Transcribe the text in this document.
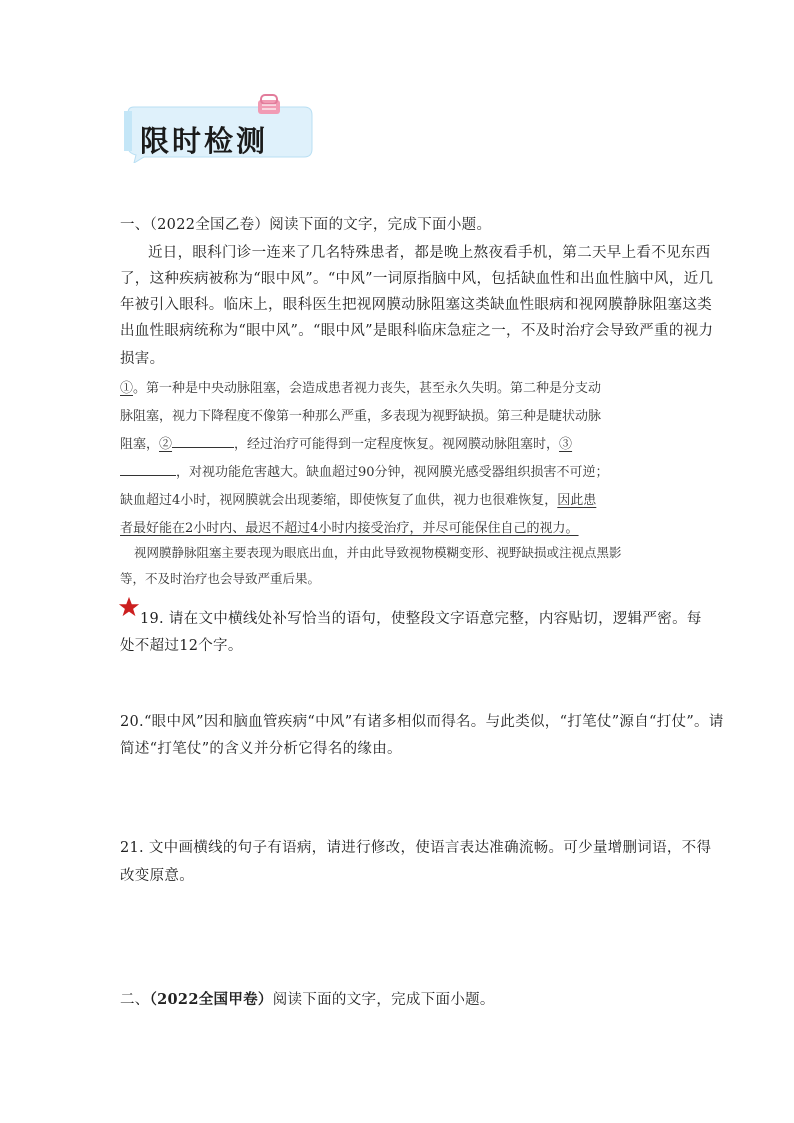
限时检测
一、（2022全国乙卷）阅读下面的文字，完成下面小题。
近日，眼科门诊一连来了几名特殊患者，都是晚上熬夜看手机，第二天早上看不见东西
了，这种疾病被称为“眼中风”。“中风”一词原指脑中风，包括缺血性和出血性脑中风，近几
年被引入眼科。临床上，眼科医生把视网膜动脉阻塞这类缺血性眼病和视网膜静脉阻塞这类
出血性眼病统称为“眼中风”。“眼中风”是眼科临床急症之一，不及时治疗会导致严重的视力
损害。
①。第一种是中央动脉阻塞，会造成患者视力丧失，甚至永久失明。第二种是分支动
脉阻塞，视力下降程度不像第一种那么严重，多表现为视野缺损。第三种是睫状动脉
阻塞，②	，经过治疗可能得到一定程度恢复。视网膜动脉阻塞时，③
，对视功能危害越大。缺血超过90分钟，视网膜光感受器组织损害不可逆；
缺血超过4小时，视网膜就会出现萎缩，即使恢复了血供，视力也很难恢复，因此患
者最好能在2小时内、最迟不超过4小时内接受治疗，并尽可能保住自己的视力。
视网膜静脉阻塞主要表现为眼底出血，并由此导致视物模糊变形、视野缺损或注视点黑影
等，不及时治疗也会导致严重后果。
19. 请在文中横线处补写恰当的语句，使整段文字语意完整，内容贴切，逻辑严密。每
处不超过12个字。
20.“眼中风”因和脑血管疾病“中风”有诸多相似而得名。与此类似，“打笔仗”源自“打仗”。请
简述“打笔仗”的含义并分析它得名的缘由。
21. 文中画横线的句子有语病，请进行修改，使语言表达准确流畅。可少量增删词语，不得
改变原意。
二、（2022全国甲卷）阅读下面的文字，完成下面小题。
